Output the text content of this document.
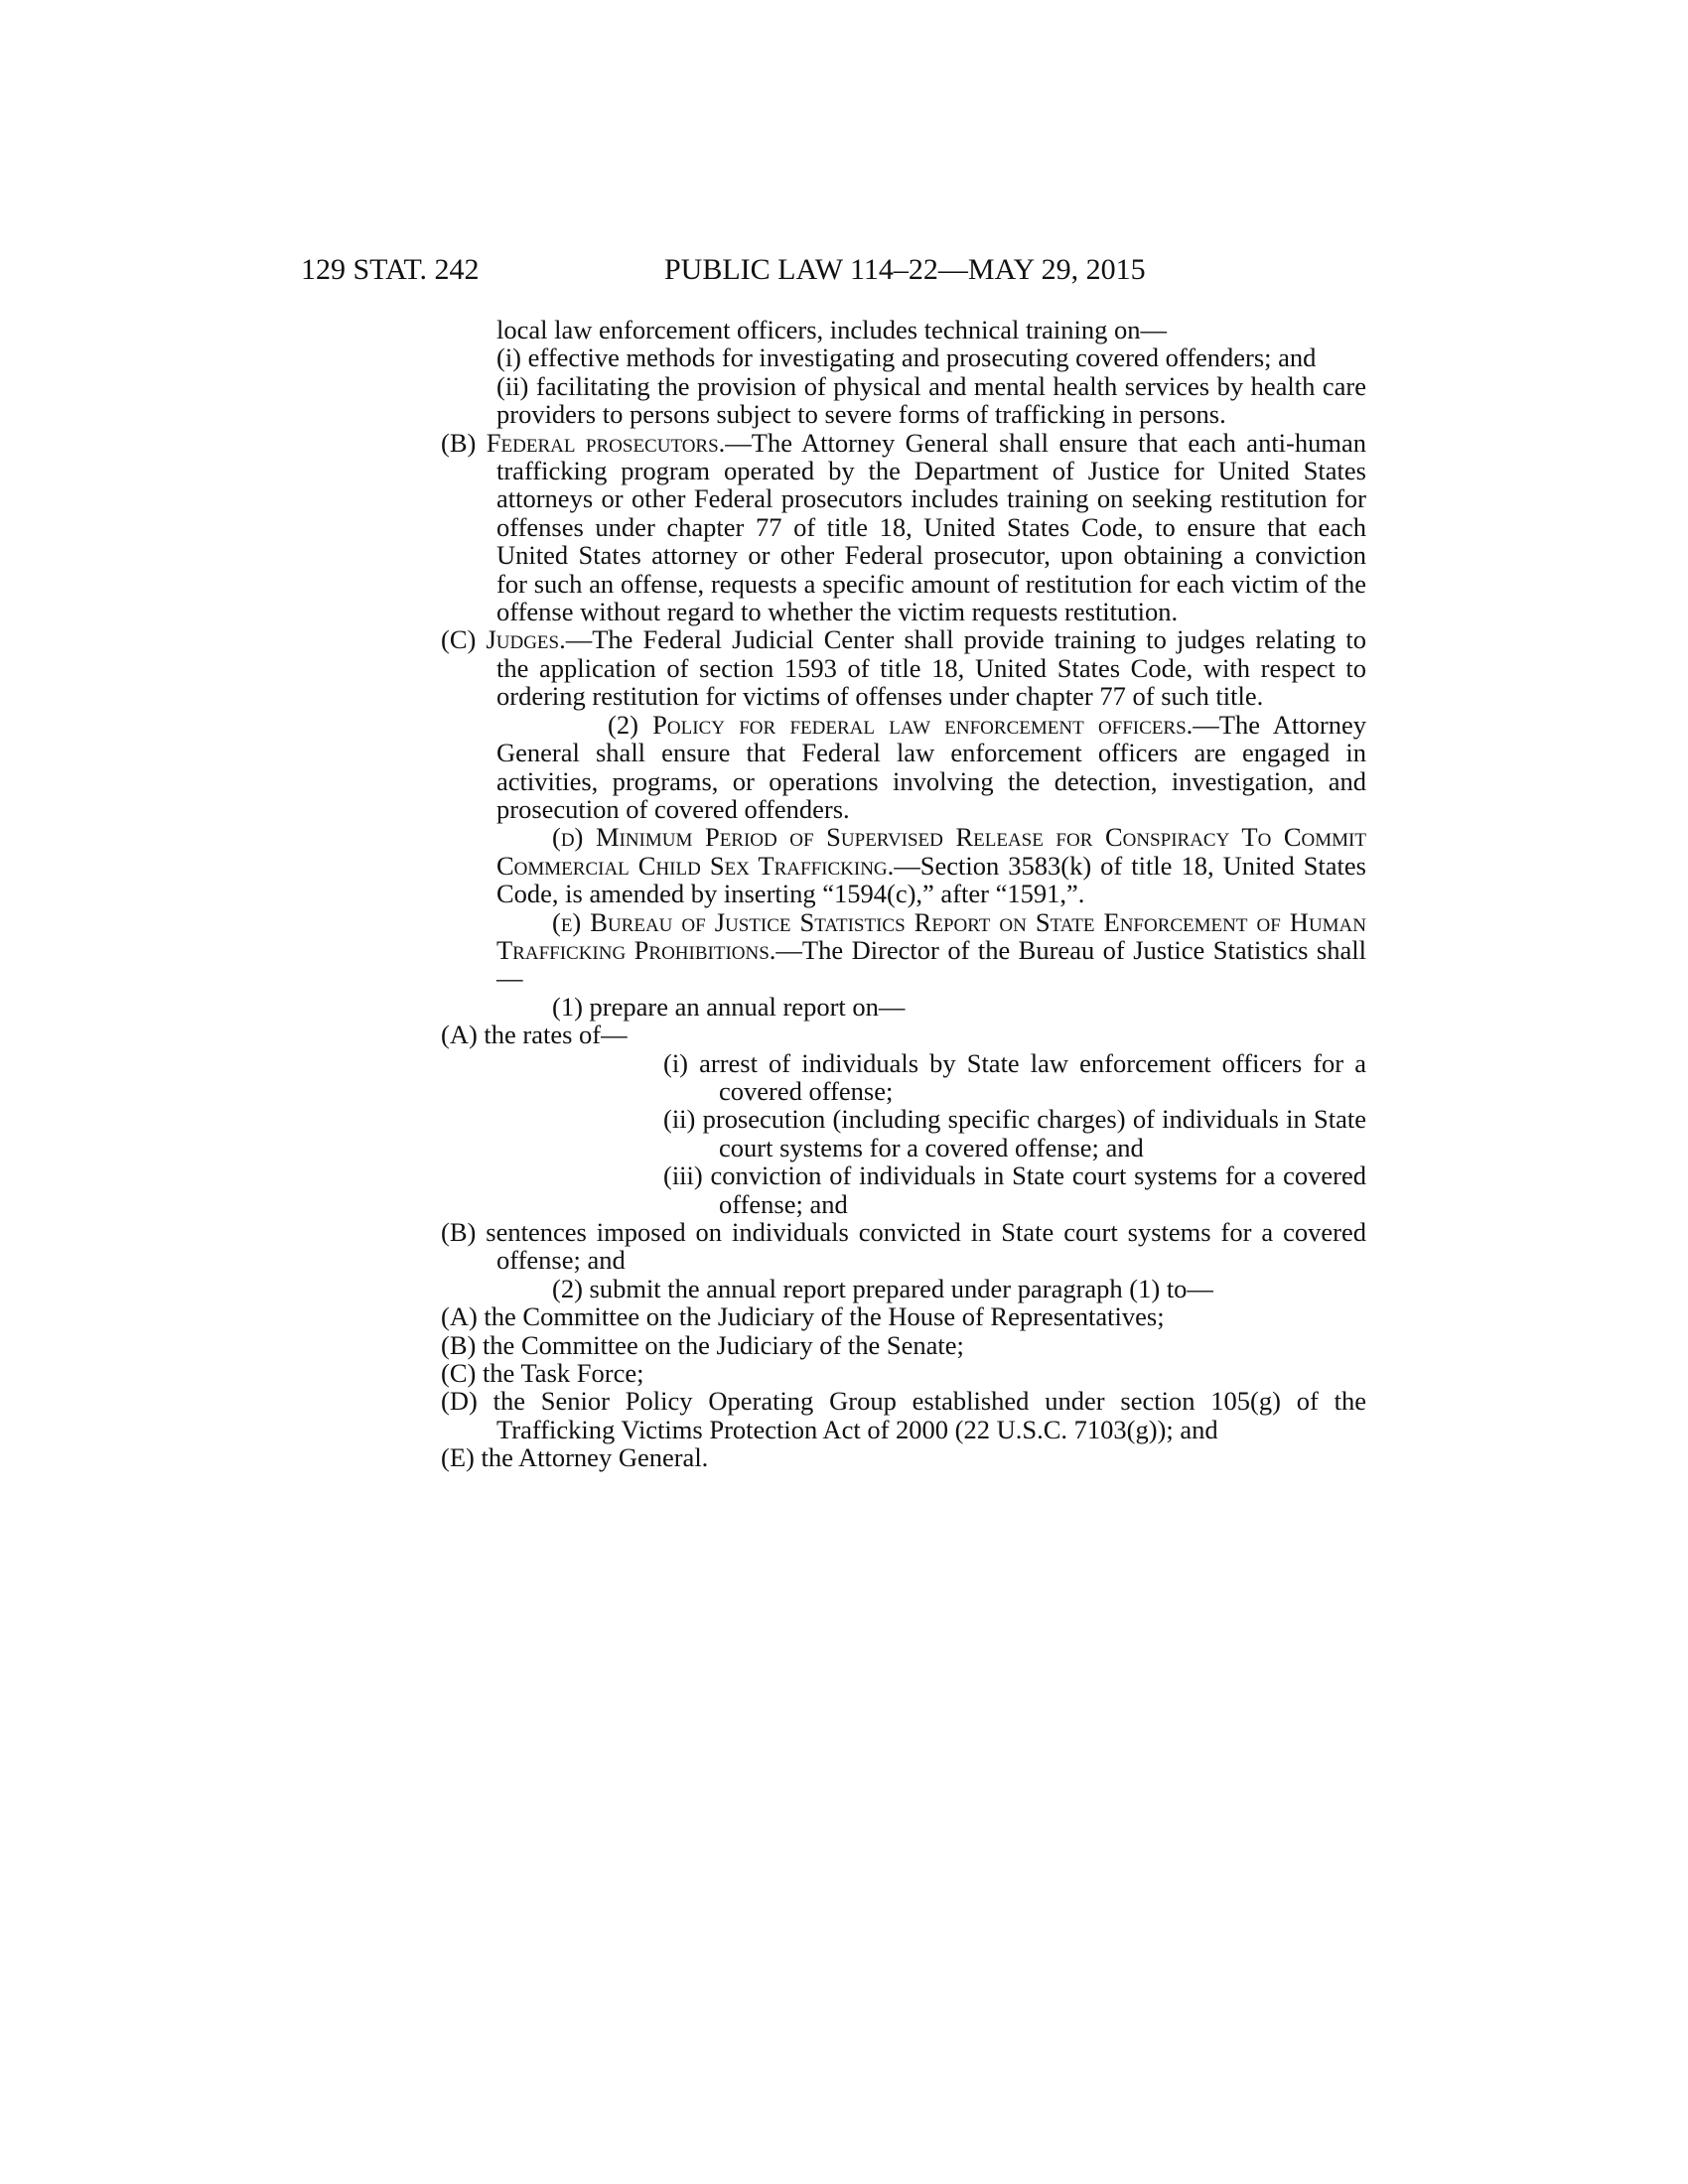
129 STAT. 242	PUBLIC LAW 114–22—MAY 29, 2015

local law enforcement officers, includes technical training on—

(i) effective methods for investigating and prosecuting covered offenders; and

(ii) facilitating the provision of physical and mental health services by health care providers to persons subject to severe forms of trafficking in persons.

(B) Federal prosecutors.—The Attorney General shall ensure that each anti-human trafficking program operated by the Department of Justice for United States attorneys or other Federal prosecutors includes training on seeking restitution for offenses under chapter 77 of title 18, United States Code, to ensure that each United States attorney or other Federal prosecutor, upon obtaining a conviction for such an offense, requests a specific amount of restitution for each victim of the offense without regard to whether the victim requests restitution.

(C) Judges.—The Federal Judicial Center shall provide training to judges relating to the application of section 1593 of title 18, United States Code, with respect to ordering restitution for victims of offenses under chapter 77 of such title.

(2) Policy for federal law enforcement officers.—The Attorney General shall ensure that Federal law enforcement officers are engaged in activities, programs, or operations involving the detection, investigation, and prosecution of covered offenders.

(d) Minimum Period of Supervised Release for Conspiracy To Commit Commercial Child Sex Trafficking.—Section 3583(k) of title 18, United States Code, is amended by inserting “1594(c),” after “1591,”.

(e) Bureau of Justice Statistics Report on State Enforcement of Human Trafficking Prohibitions.—The Director of the Bureau of Justice Statistics shall—

(1) prepare an annual report on—

(A) the rates of—

(i) arrest of individuals by State law enforcement officers for a covered offense;

(ii) prosecution (including specific charges) of individuals in State court systems for a covered offense; and

(iii) conviction of individuals in State court systems for a covered offense; and

(B) sentences imposed on individuals convicted in State court systems for a covered offense; and

(2) submit the annual report prepared under paragraph (1) to—

(A) the Committee on the Judiciary of the House of Representatives;

(B) the Committee on the Judiciary of the Senate;

(C) the Task Force;

(D) the Senior Policy Operating Group established under section 105(g) of the Trafficking Victims Protection Act of 2000 (22 U.S.C. 7103(g)); and

(E) the Attorney General.
